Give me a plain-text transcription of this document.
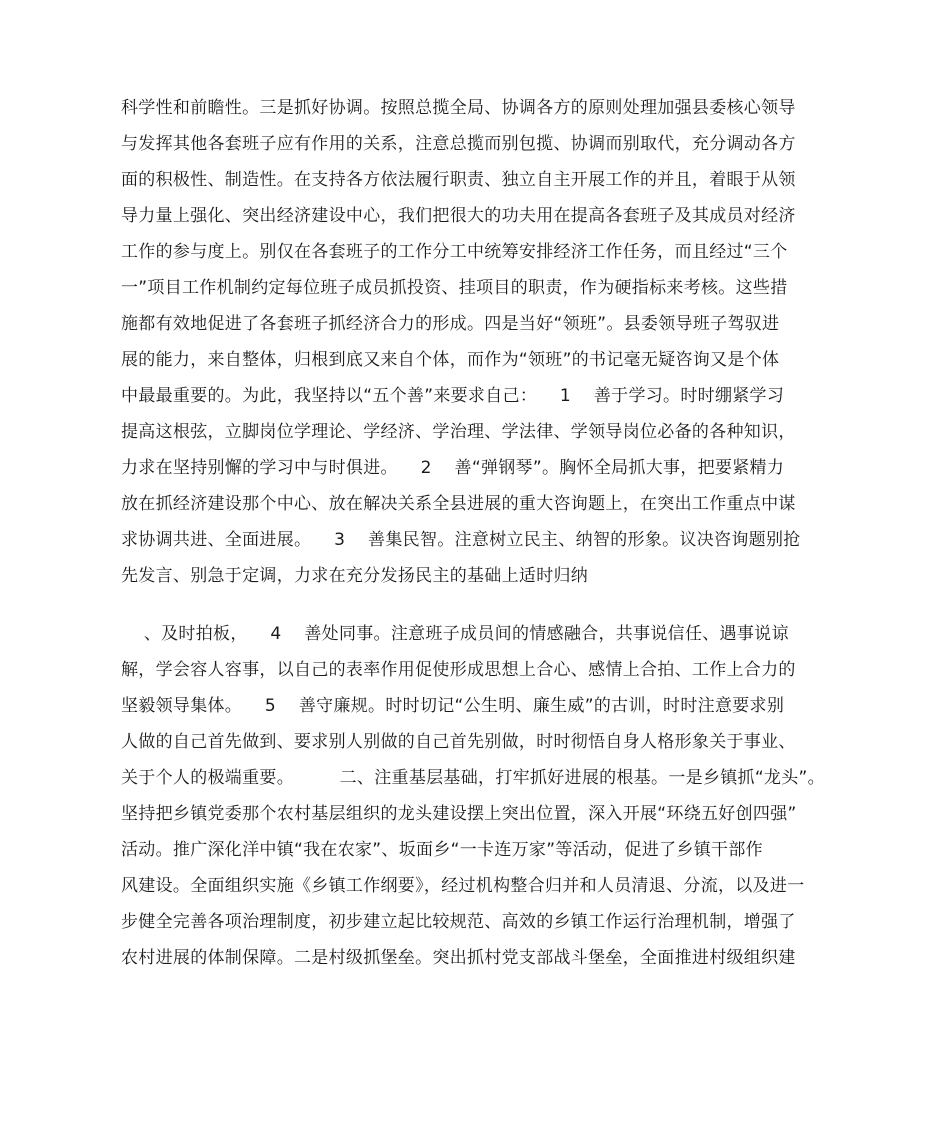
科学性和前瞻性。三是抓好协调。按照总揽全局、协调各方的原则处理加强县委核心领导
与发挥其他各套班子应有作用的关系，注意总揽而别包揽、协调而别取代，充分调动各方
面的积极性、制造性。在支持各方依法履行职责、独立自主开展工作的并且，着眼于从领
导力量上强化、突出经济建设中心，我们把很大的功夫用在提高各套班子及其成员对经济
工作的参与度上。别仅在各套班子的工作分工中统筹安排经济工作任务，而且经过“三个
一”项目工作机制约定每位班子成员抓投资、挂项目的职责，作为硬指标来考核。这些措
施都有效地促进了各套班子抓经济合力的形成。四是当好“领班”。县委领导班子驾驭进
展的能力，来自整体，归根到底又来自个体，而作为“领班”的书记毫无疑咨询又是个体
中最最重要的。为此，我坚持以“五个善”来要求自己：    1    善于学习。时时绷紧学习
提高这根弦，立脚岗位学理论、学经济、学治理、学法律、学领导岗位必备的各种知识，
力求在坚持别懈的学习中与时俱进。    2    善“弹钢琴”。胸怀全局抓大事，把要紧精力
放在抓经济建设那个中心、放在解决关系全县进展的重大咨询题上，在突出工作重点中谋
求协调共进、全面进展。    3    善集民智。注意树立民主、纳智的形象。议决咨询题别抢
先发言、别急于定调，力求在充分发扬民主的基础上适时归纳
、及时拍板，    4    善处同事。注意班子成员间的情感融合，共事说信任、遇事说谅
解，学会容人容事，以自己的表率作用促使形成思想上合心、感情上合拍、工作上合力的
坚毅领导集体。    5    善守廉规。时时切记“公生明、廉生威”的古训，时时注意要求别
人做的自己首先做到、要求别人别做的自己首先别做，时时彻悟自身人格形象关于事业、
关于个人的极端重要。        二、注重基层基础，打牢抓好进展的根基。一是乡镇抓“龙头”。
坚持把乡镇党委那个农村基层组织的龙头建设摆上突出位置，深入开展“环绕五好创四强”
活动。推广深化洋中镇“我在农家”、坂面乡“一卡连万家”等活动，促进了乡镇干部作
风建设。全面组织实施《乡镇工作纲要》，经过机构整合归并和人员清退、分流，以及进一
步健全完善各项治理制度，初步建立起比较规范、高效的乡镇工作运行治理机制，增强了
农村进展的体制保障。二是村级抓堡垒。突出抓村党支部战斗堡垒，全面推进村级组织建
